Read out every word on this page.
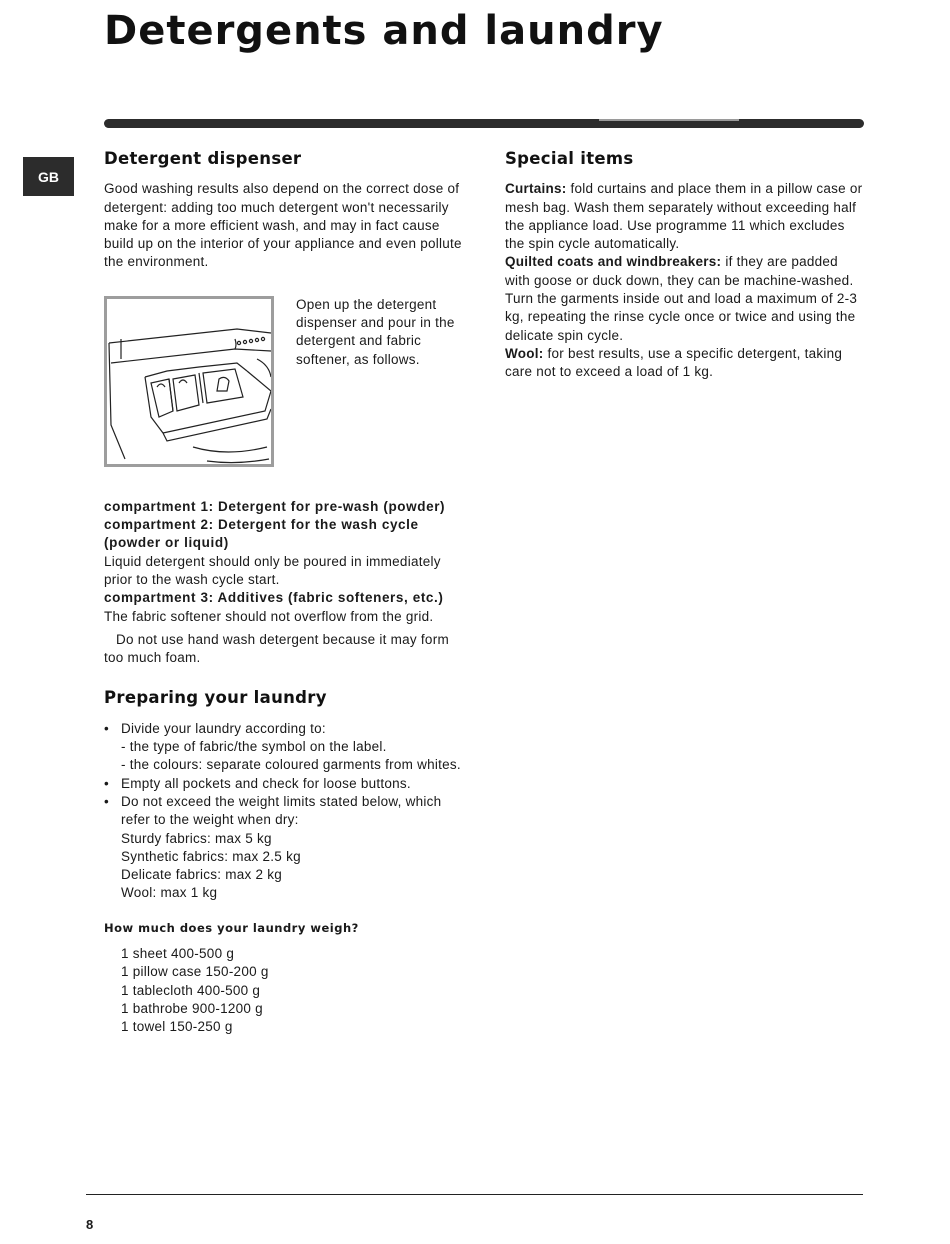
Detergents and laundry
GB
Detergent dispenser

Good washing results also depend on the correct dose of detergent: adding too much detergent won't necessarily make for a more efficient wash, and may in fact cause build up on the interior of your appliance and even pollute the environment.

Open up the detergent dispenser and pour in the detergent and fabric softener, as follows.

compartment 1: Detergent for pre-wash (powder)

compartment 2: Detergent for the wash cycle (powder or liquid)

Liquid detergent should only be poured in immediately prior to the wash cycle start.

compartment 3: Additives (fabric softeners, etc.)

The fabric softener should not overflow from the grid.

Do not use hand wash detergent because it may form too much foam.

Preparing your laundry
• Divide your laundry according to:
- the type of fabric/the symbol on the label.
- the colours: separate coloured garments from whites.
• Empty all pockets and check for loose buttons.
• Do not exceed the weight limits stated below, which refer to the weight when dry:
Sturdy fabrics: max 5 kg
Synthetic fabrics: max 2.5 kg
Delicate fabrics: max 2 kg
Wool: max 1 kg
How much does your laundry weigh?

1 sheet 400-500 g

1 pillow case 150-200 g

1 tablecloth 400-500 g

1 bathrobe 900-1200 g

1 towel 150-250 g

Special items

Curtains: fold curtains and place them in a pillow case or mesh bag. Wash them separately without exceeding half the appliance load. Use programme 11 which excludes the spin cycle automatically.

Quilted coats and windbreakers: if they are padded with goose or duck down, they can be machine-washed. Turn the garments inside out and load a maximum of 2-3 kg, repeating the rinse cycle once or twice and using the delicate spin cycle.

Wool: for best results, use a specific detergent, taking care not to exceed a load of 1 kg.

8
